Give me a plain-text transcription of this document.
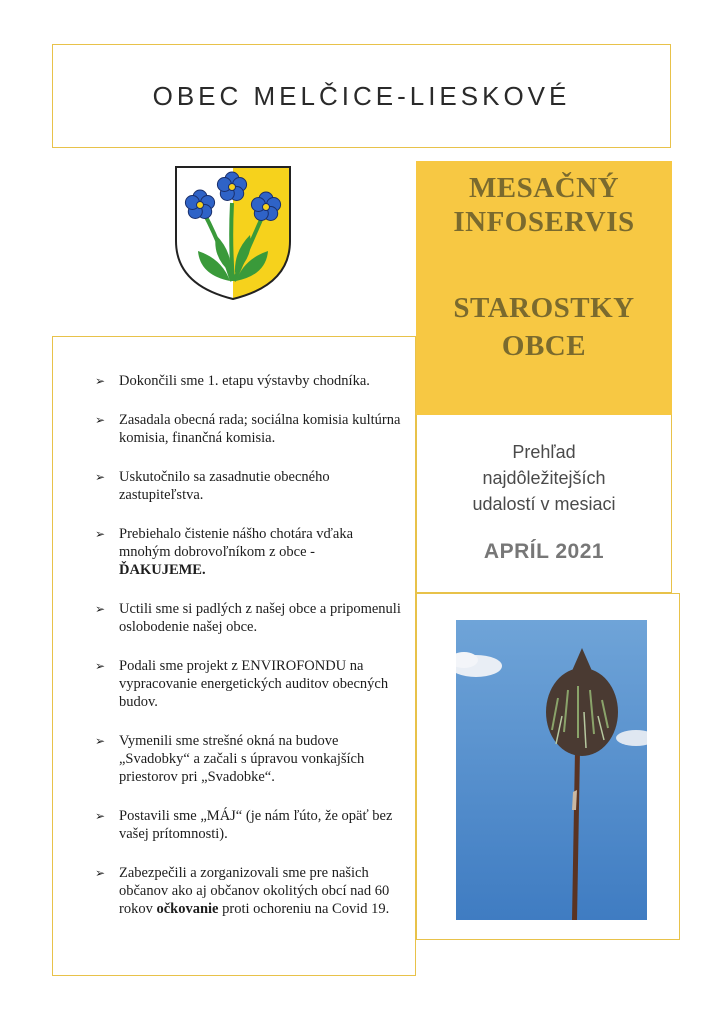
OBEC MELČICE-LIESKOVÉ
MESAČNÝ
INFOSERVIS
STAROSTKY
OBCE
Prehľad
najdôležitejších
udalostí v mesiaci
APRÍL 2021
➢ Dokončili sme 1. etapu výstavby chodníka.
➢ Zasadala obecná rada; sociálna komisia kultúrna komisia, finančná komisia.
➢ Uskutočnilo sa zasadnutie obecného zastupiteľstva.
➢ Prebiehalo čistenie nášho chotára vďaka mnohým dobrovoľníkom z obce -
ĎAKUJEME.
➢ Uctili sme si padlých z našej obce a pripomenuli oslobodenie našej obce.
➢ Podali sme projekt z ENVIROFONDU na vypracovanie energetických auditov obecných budov.
➢ Vymenili sme strešné okná na budove „Svadobky“ a začali s úpravou vonkajších priestorov pri „Svadobke“.
➢ Postavili sme „MÁJ“ (je nám ľúto, že opäť bez vašej prítomnosti).
➢ Zabezpečili a zorganizovali sme pre našich občanov ako aj občanov okolitých obcí nad 60 rokov očkovanie proti ochoreniu na Covid 19.
